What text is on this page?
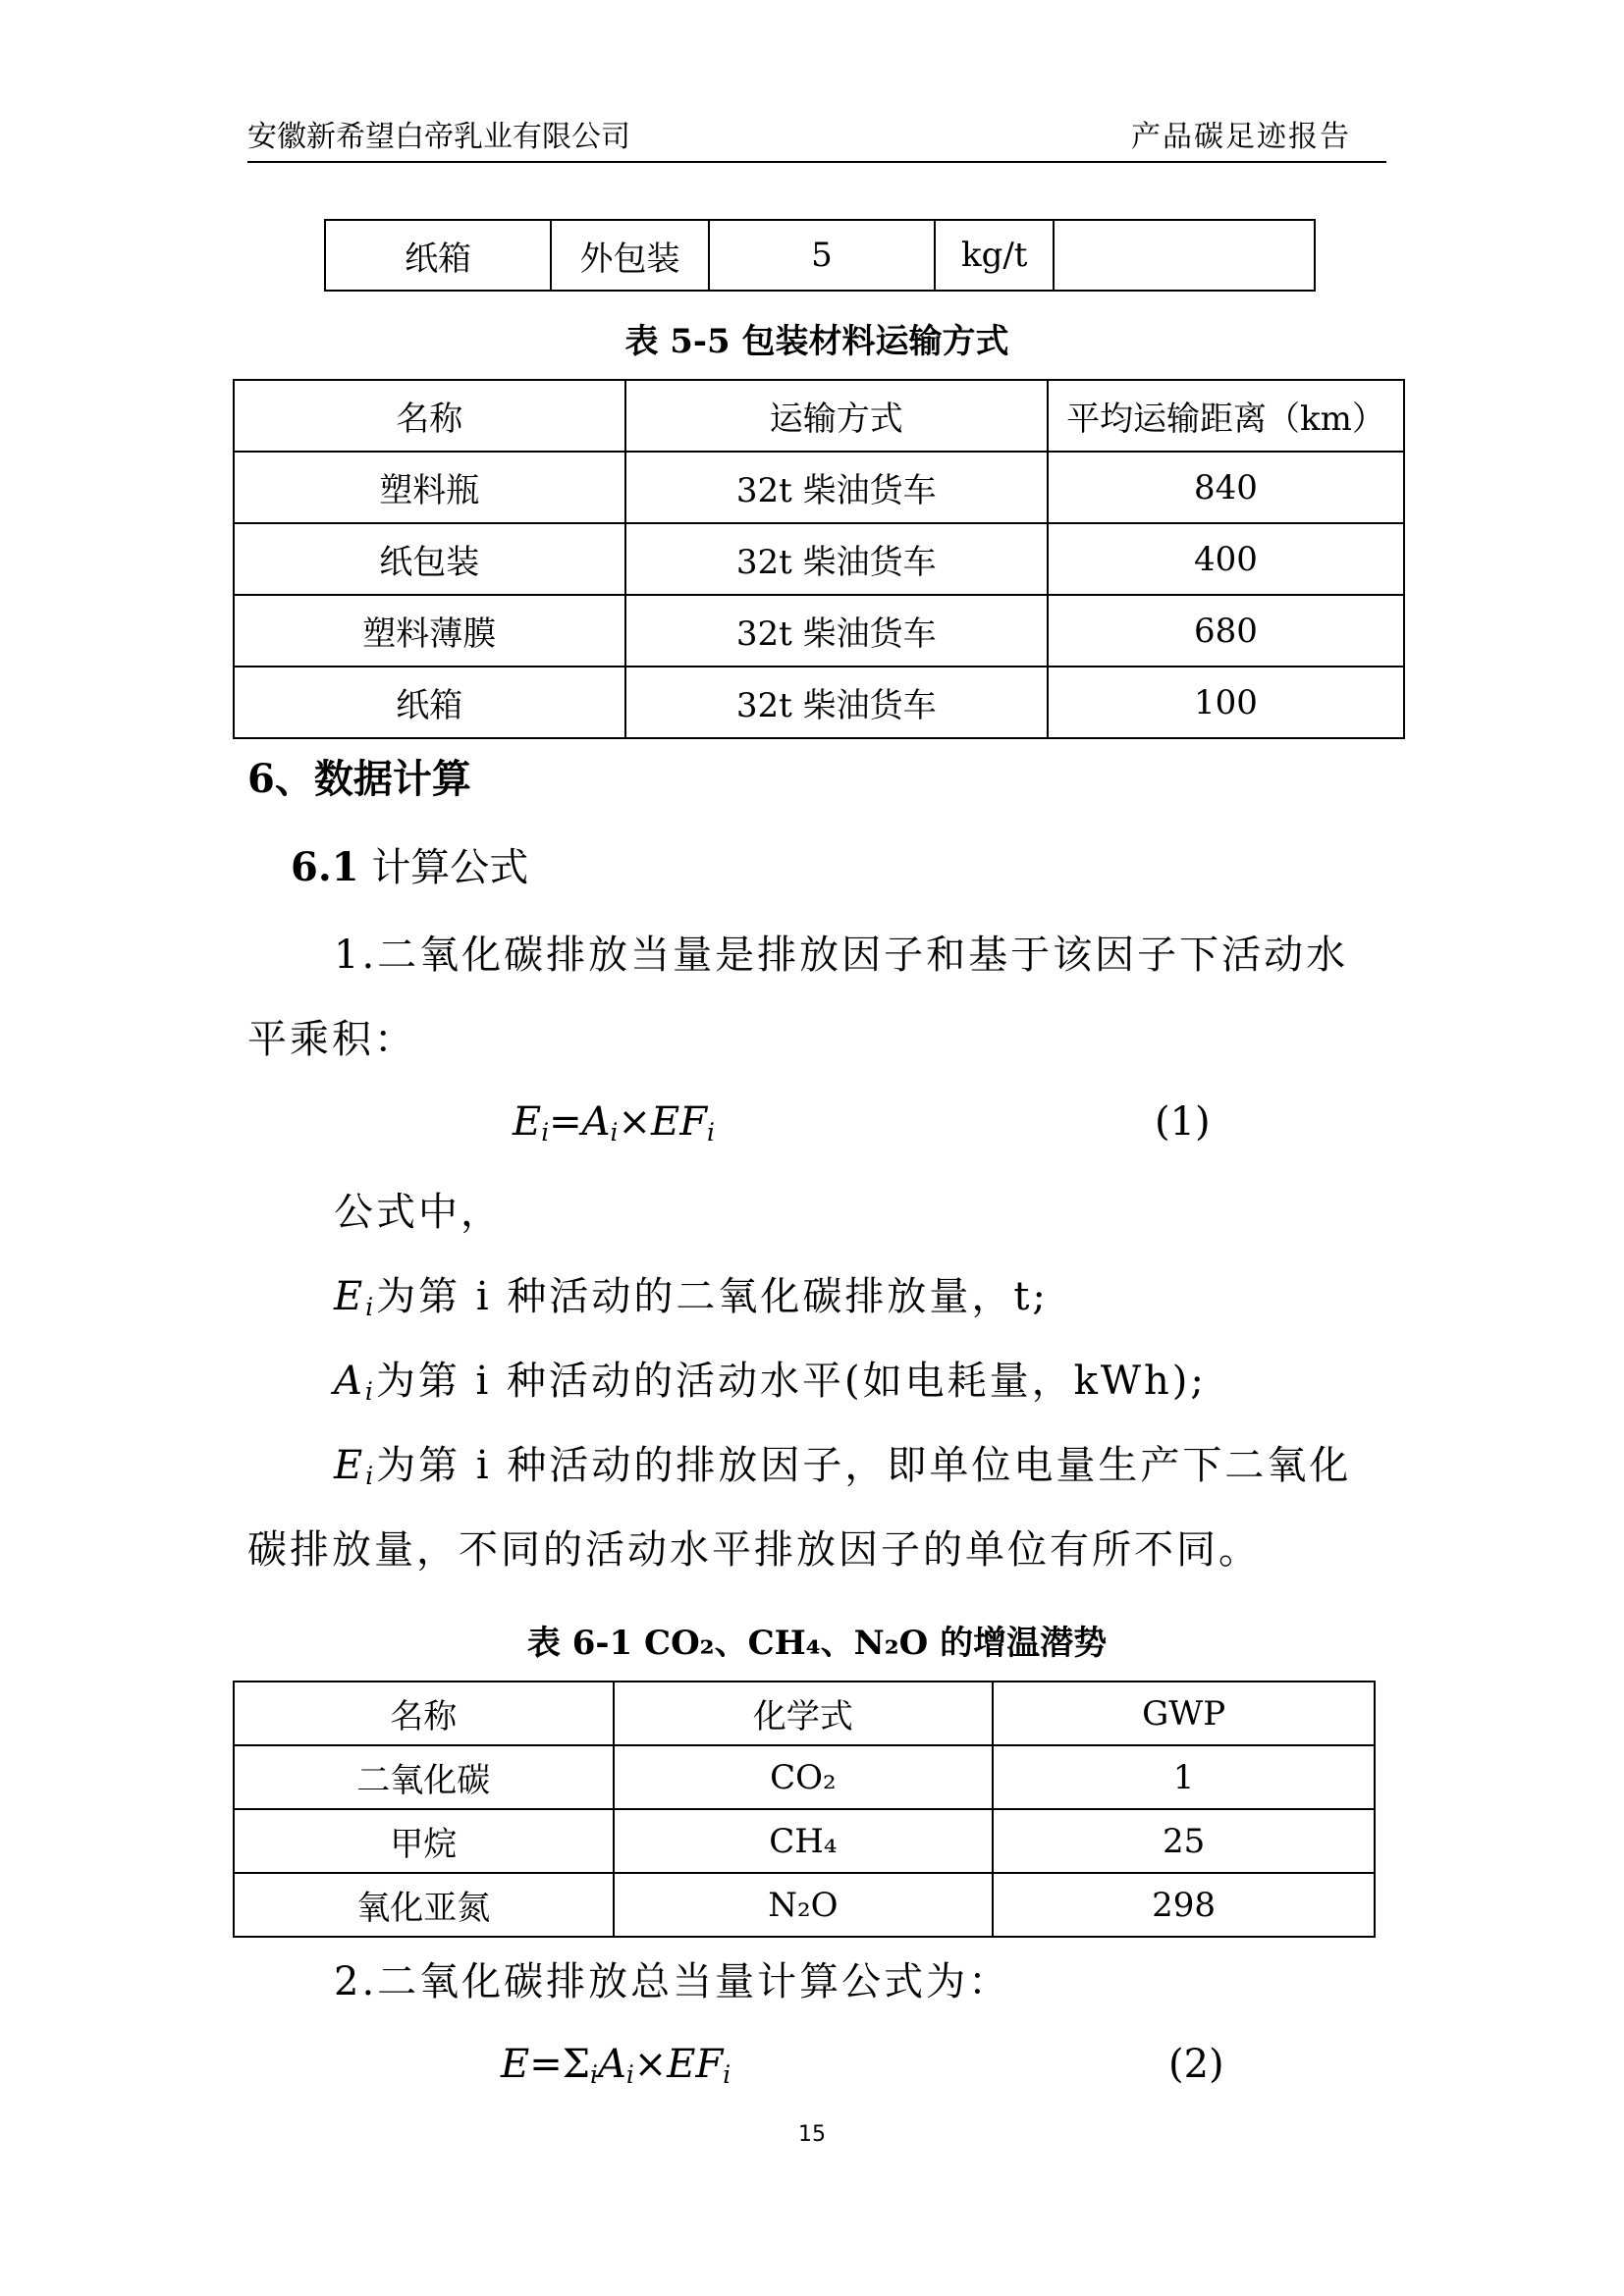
安徽新希望白帝乳业有限公司	产品碳足迹报告
纸箱	外包装	5	kg/t	
表 5-5 包装材料运输方式
名称	运输方式	平均运输距离（km）
塑料瓶	32t 柴油货车	840
纸包装	32t 柴油货车	400
塑料薄膜	32t 柴油货车	680
纸箱	32t 柴油货车	100
6、数据计算
6.1 计算公式
1.二氧化碳排放当量是排放因子和基于该因子下活动水
平乘积：
$E_i=A_i\times EF_i$	(1)
公式中，
$E_i$为第 i 种活动的二氧化碳排放量，t;
$A_i$为第 i 种活动的活动水平(如电耗量，kWh);
$E_i$为第 i 种活动的排放因子，即单位电量生产下二氧化
碳排放量，不同的活动水平排放因子的单位有所不同。
表 6-1 CO₂、CH₄、N₂O 的增温潜势
名称	化学式	GWP
二氧化碳	CO₂	1
甲烷	CH₄	25
氧化亚氮	N₂O	298
2.二氧化碳排放总当量计算公式为：
$E=\Sigma_iA_i\times EF_i$	(2)
15
